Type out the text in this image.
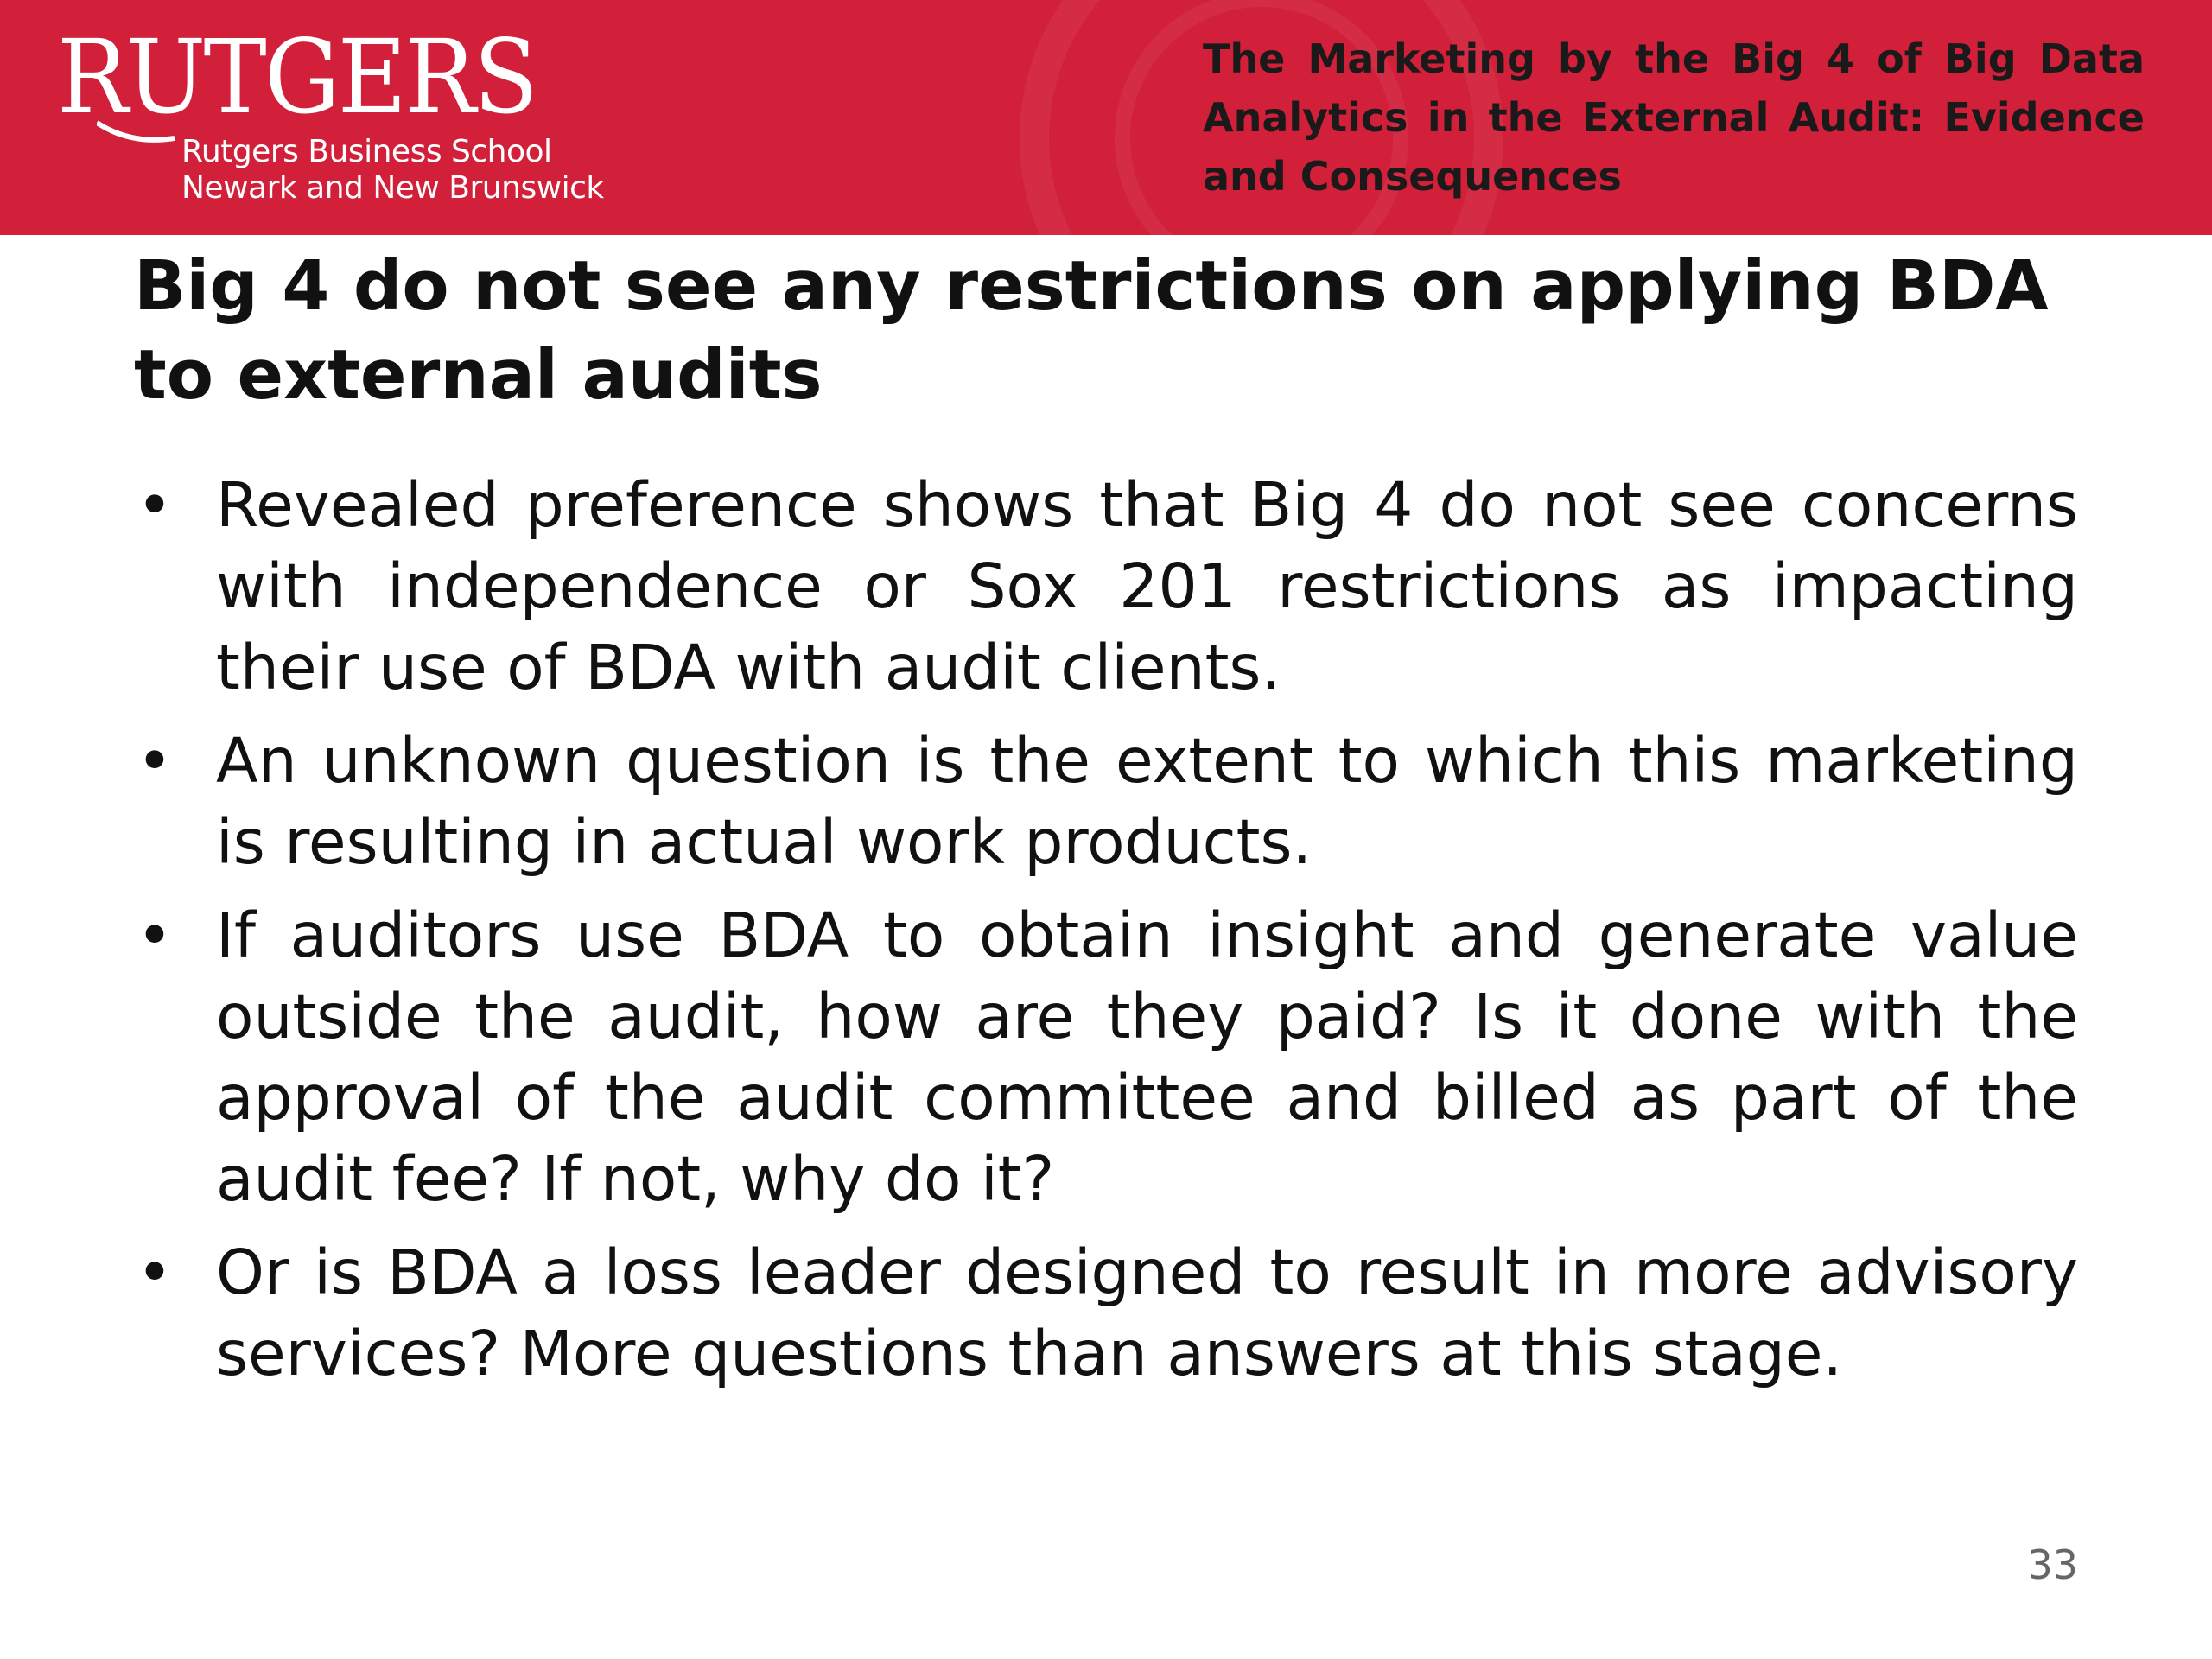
RUTGERS
Rutgers Business School
Newark and New Brunswick
The Marketing by the Big 4 of Big Data Analytics in the External Audit: Evidence and Consequences
Big 4 do not see any restrictions on applying BDA to external audits
• Revealed preference shows that Big 4 do not see concerns with independence or Sox 201 restrictions as impacting their use of BDA with audit clients.
• An unknown question is the extent to which this marketing is resulting in actual work products.
• If auditors use BDA to obtain insight and generate value outside the audit, how are they paid? Is it done with the approval of the audit committee and billed as part of the audit fee? If not, why do it?
• Or is BDA a loss leader designed to result in more advisory services? More questions than answers at this stage.
33
